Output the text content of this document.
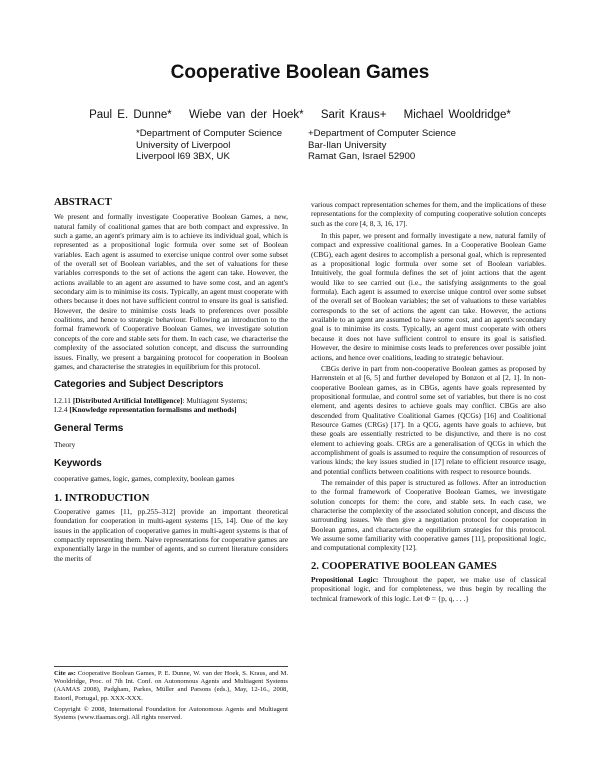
Cooperative Boolean Games
Paul E. Dunne* Wiebe van der Hoek* Sarit Kraus+ Michael Wooldridge*
*Department of Computer Science
University of Liverpool
Liverpool l69 3BX, UK
+Department of Computer Science
Bar-Ilan University
Ramat Gan, Israel 52900
ABSTRACT

We present and formally investigate Cooperative Boolean Games, a new, natural family of coalitional games that are both compact and expressive. In such a game, an agent's primary aim is to achieve its individual goal, which is represented as a propositional logic formula over some set of Boolean variables. Each agent is assumed to exercise unique control over some subset of the overall set of Boolean variables, and the set of valuations for these variables corresponds to the set of actions the agent can take. However, the actions available to an agent are assumed to have some cost, and an agent's secondary aim is to minimise its costs. Typically, an agent must cooperate with others because it does not have sufficient control to ensure its goal is satisfied. However, the desire to minimise costs leads to preferences over possible coalitions, and hence to strategic behaviour. Following an introduction to the formal framework of Cooperative Boolean Games, we investigate solution concepts of the core and stable sets for them. In each case, we characterise the complexity of the associated solution concept, and discuss the surrounding issues. Finally, we present a bargaining protocol for cooperation in Boolean games, and characterise the strategies in equilibrium for this protocol.

Categories and Subject Descriptors
I.2.11 [Distributed Artificial Intelligence]: Multiagent Systems;
I.2.4 [Knowledge representation formalisms and methods]
General Terms

Theory

Keywords

cooperative games, logic, games, complexity, boolean games

1. INTRODUCTION

Cooperative games [11, pp.255–312] provide an important theoretical foundation for cooperation in multi-agent systems [15, 14]. One of the key issues in the application of cooperative games in multi-agent systems is that of compactly representing them. Naive representations for cooperative games are exponentially large in the number of agents, and so current literature considers the merits of

Cite as: Cooperative Boolean Games, P. E. Dunne, W. van der Hoek, S. Kraus, and M. Wooldridge, Proc. of 7th Int. Conf. on Autonomous Agents and Multiagent Systems (AAMAS 2008), Padgham, Parkes, Müller and Parsons (eds.), May, 12-16., 2008, Estoril, Portugal, pp. XXX-XXX.

Copyright © 2008, International Foundation for Autonomous Agents and Multiagent Systems (www.ifaamas.org). All rights reserved.

various compact representation schemes for them, and the implications of these representations for the complexity of computing cooperative solution concepts such as the core [4, 8, 3, 16, 17].

In this paper, we present and formally investigate a new, natural family of compact and expressive coalitional games. In a Cooperative Boolean Game (CBG), each agent desires to accomplish a personal goal, which is represented as a propositional logic formula over some set of Boolean variables. Intuitively, the goal formula defines the set of joint actions that the agent would like to see carried out (i.e., the satisfying assignments to the goal formula). Each agent is assumed to exercise unique control over some subset of the overall set of Boolean variables; the set of valuations to these variables corresponds to the set of actions the agent can take. However, the actions available to an agent are assumed to have some cost, and an agent's secondary goal is to minimise its costs. Typically, an agent must cooperate with others because it does not have sufficient control to ensure its goal is satisfied. However, the desire to minimise costs leads to preferences over possible joint actions, and hence over coalitions, leading to strategic behaviour.

CBGs derive in part from non-cooperative Boolean games as proposed by Harrenstein et al [6, 5] and further developed by Bonzon et al [2, 1]. In non-cooperative Boolean games, as in CBGs, agents have goals represented by propositional formulae, and control some set of variables, but there is no cost element, and agents desires to achieve goals may conflict. CBGs are also descended from Qualitative Coalitional Games (QCGs) [16] and Coalitional Resource Games (CRGs) [17]. In a QCG, agents have goals to achieve, but these goals are essentially restricted to be disjunctive, and there is no cost element to achieving goals. CRGs are a generalisation of QCGs in which the accomplishment of goals is assumed to require the consumption of resources of various kinds; the key issues studied in [17] relate to efficient resource usage, and potential conflicts between coalitions with respect to resource bounds.

The remainder of this paper is structured as follows. After an introduction to the formal framework of Cooperative Boolean Games, we investigate solution concepts for them: the core, and stable sets. In each case, we characterise the complexity of the associated solution concept, and discuss the surrounding issues. We then give a negotiation protocol for cooperation in Boolean games, and characterise the equilibrium strategies for this protocol. We assume some familiarity with cooperative games [11], propositional logic, and computational complexity [12].

2. COOPERATIVE BOOLEAN GAMES

Propositional Logic: Throughout the paper, we make use of classical propositional logic, and for completeness, we thus begin by recalling the technical framework of this logic. Let Φ = {p, q, . . .}
